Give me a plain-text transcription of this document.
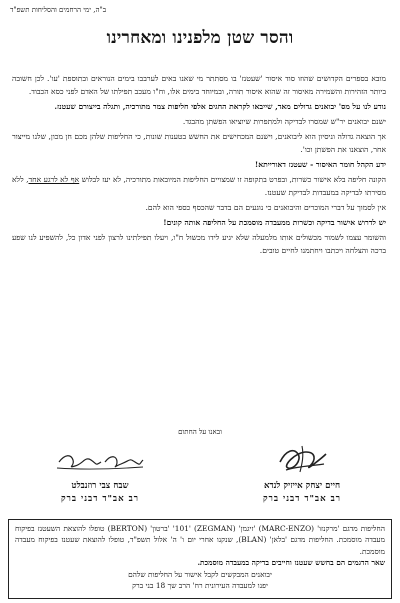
ב"ה, ימי הרחמים והסליחות תשפ"ד
והסר שטן מלפנינו ומאחרינו

מובא בספרים הקדושים שהוזו סוד איסור 'שעטנז' בו מסתתר מי שאנו באים לערבבו בימים הנוראים ובתוספת 'עו'. לכן חשובה ביותר הזהירות והשמירה מאיסור זה שהוא איסור תורה, ובמיוחד בימים אלו, וח"ו מעכב תפילתו של האדם לפני כסא הכבוד.

נודע לנו על מס' יבואנים גדולים מאד, שייבאו לקראת החגים אלפי חליפות צמר מתורכיה, ותגלה בייצורם שעטנז.

ישנם יבואנים יר"ש שמסרו לבדיקה ולמתפרות שיוציאו הפשתן מהבגד.

אך הוצאה גדולה וניסיון הוא ליבואנים, וישנם המכחישים את החשש בטענות שונות, כי החליפות שלהן מכם חן מכון, שלנו מייצור אחר, הוצאנו את הפשתן וכו'.

ידע הקהל חומר האיסור - שעטנז דאורייתא!

הקונה חליפה בלא אישור כשרות, ובפרט בתקופה זו שמצויים החליפות המיובאות מתורכיה, לא יעז לבלוש אף לא לרגע אחד, ללא מסירתו לבדיקה במעבדות לבדיקת שעטנז.

אין לסמוך על דברי המוכרים והיבואנים כי נוגעים הם בדבר שהכסף כספי הוא להם.

יש לדרוש אישור בדיקה וכשרות ממעבדה מוסמכת על החליפה אותה קונים!

והשומר עצמו לשמור מכשולים אותו מלמעלה שלא יגיע לידו מכשול ח"ו, ויעלו תפילתינו לרצון לפני אדון כל, להשפיע לנו שפע ברכה והצלחה ויכתבו ויחתמנו לחיים טובים.

ובאנו על החתום
חיים יצחק אייזיק לנדא
רב אב"ד דבני ברק
שבח צבי רוזנבלט
רב אב"ד דבני ברק

החליפות מדגם 'מרקנזו' (MARC-ENZO) 'זיגמן' (ZEGMAN) '101' 'ברטון' (BERTON) טופלו להוצאת השעטנז בפיקוח מעבדה מוסמכת. החליפות מדגם 'בלאן' (BLAN), שנקנו אחרי יום ו' ה' אלול תשפ"ד, טופלו להוצאת שעטנז בפיקוח מעבדה מוסמכת.

שאר הדגמים הם בחשש שעטנז וחייבים בדיקה במעבדה מוסמכת.

יבואנים המבקשים לקבל אישור על החליפות שלהם

יפנו למעבדה העירונית רח' הרב שך 18 בני ברק
